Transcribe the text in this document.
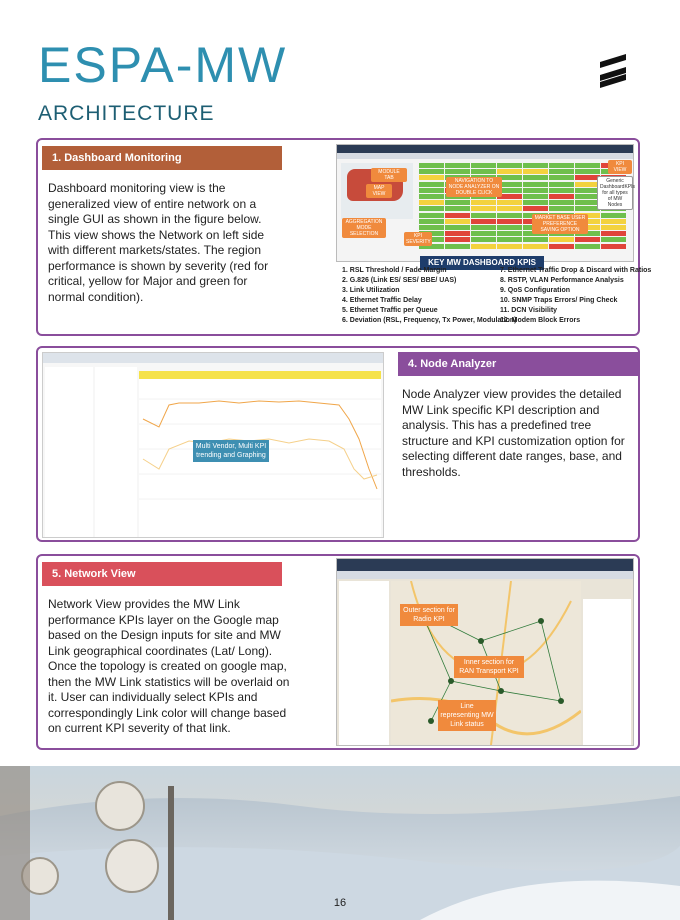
ESPA-MW
ARCHITECTURE
1. Dashboard Monitoring
Dashboard monitoring view is the generalized view of entire network on a single GUI as shown in the figure below. This view shows the Network on left side with different markets/states. The region performance is shown by severity (red for critical, yellow for Major and green for normal condition).
MODULE TAB
MAP VIEW
NAVIGATION TO NODE ANALYZER ON DOUBLE CLICK
KPI VIEW
Generic DashboardKPIs for all types of MW Nodes
AGGREGATION MODE SELECTION	KPI SEVERITY
MARKET BASE USER PREFERENCE SAVING OPTION
KEY MW DASHBOARD KPIS
1. RSL Threshold / Fade Margin
2. G.826 (Link ES/ SES/ BBE/ UAS)
3. Link Utilization
4. Ethernet Traffic Delay
5. Ethernet Traffic per Queue
6. Deviation (RSL, Frequency, Tx Power, Modulation)
7. Ethernet Traffic Drop & Discard with Ratios
8. RSTP, VLAN Performance Analysis
9. QoS Configuration
10. SNMP Traps Errors/ Ping Check
11. DCN Visibility
12. Modem Block Errors
Multi Vendor, Multi KPI trending and Graphing
4. Node Analyzer
Node Analyzer view provides the detailed MW Link specific KPI description and analysis. This has a predefined tree structure and KPI customization option for selecting different date ranges, base, and thresholds.
5. Network View
Network View provides the MW Link performance KPIs layer on the Google map based on the Design inputs for site and MW Link geographical coordinates (Lat/ Long). Once the topology is created on google map, then the MW Link statistics will be overlaid on it. User can individually select KPIs and correspondingly Link color will change based on current KPI severity of that link.
Outer section for Radio KPI
Inner section for RAN Transport KPI
Line representing MW Link status
16
